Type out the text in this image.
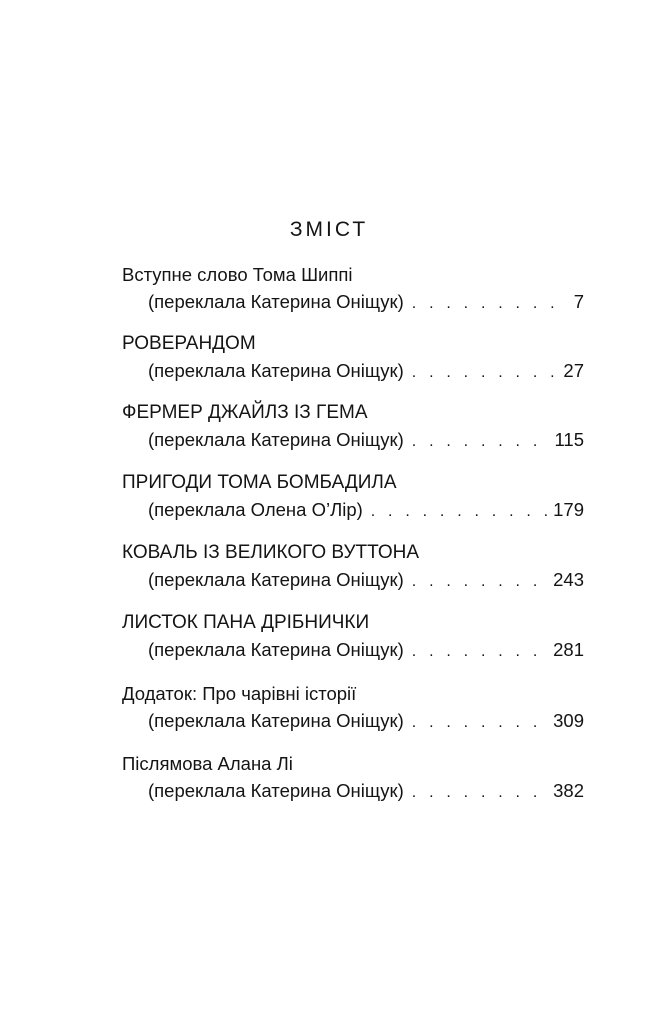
ЗМІСТ
Вступне слово Тома Шиппі
(переклала Катерина Оніщук) . . .	7
РОВЕРАНДОМ
(переклала Катерина Оніщук) . . .	27
ФЕРМЕР ДЖАЙЛЗ ІЗ ГЕМА
(переклала Катерина Оніщук) . . .	115
ПРИГОДИ ТОМА БОМБАДИЛА
(переклала Олена О’Лір) . . .	179
КОВАЛЬ ІЗ ВЕЛИКОГО ВУТТОНА
(переклала Катерина Оніщук) . . .	243
ЛИСТОК ПАНА ДРІБНИЧКИ
(переклала Катерина Оніщук) . . .	281
Додаток: Про чарівні історії
(переклала Катерина Оніщук) . . .	309
Післямова Алана Лі
(переклала Катерина Оніщук) . . .	382
